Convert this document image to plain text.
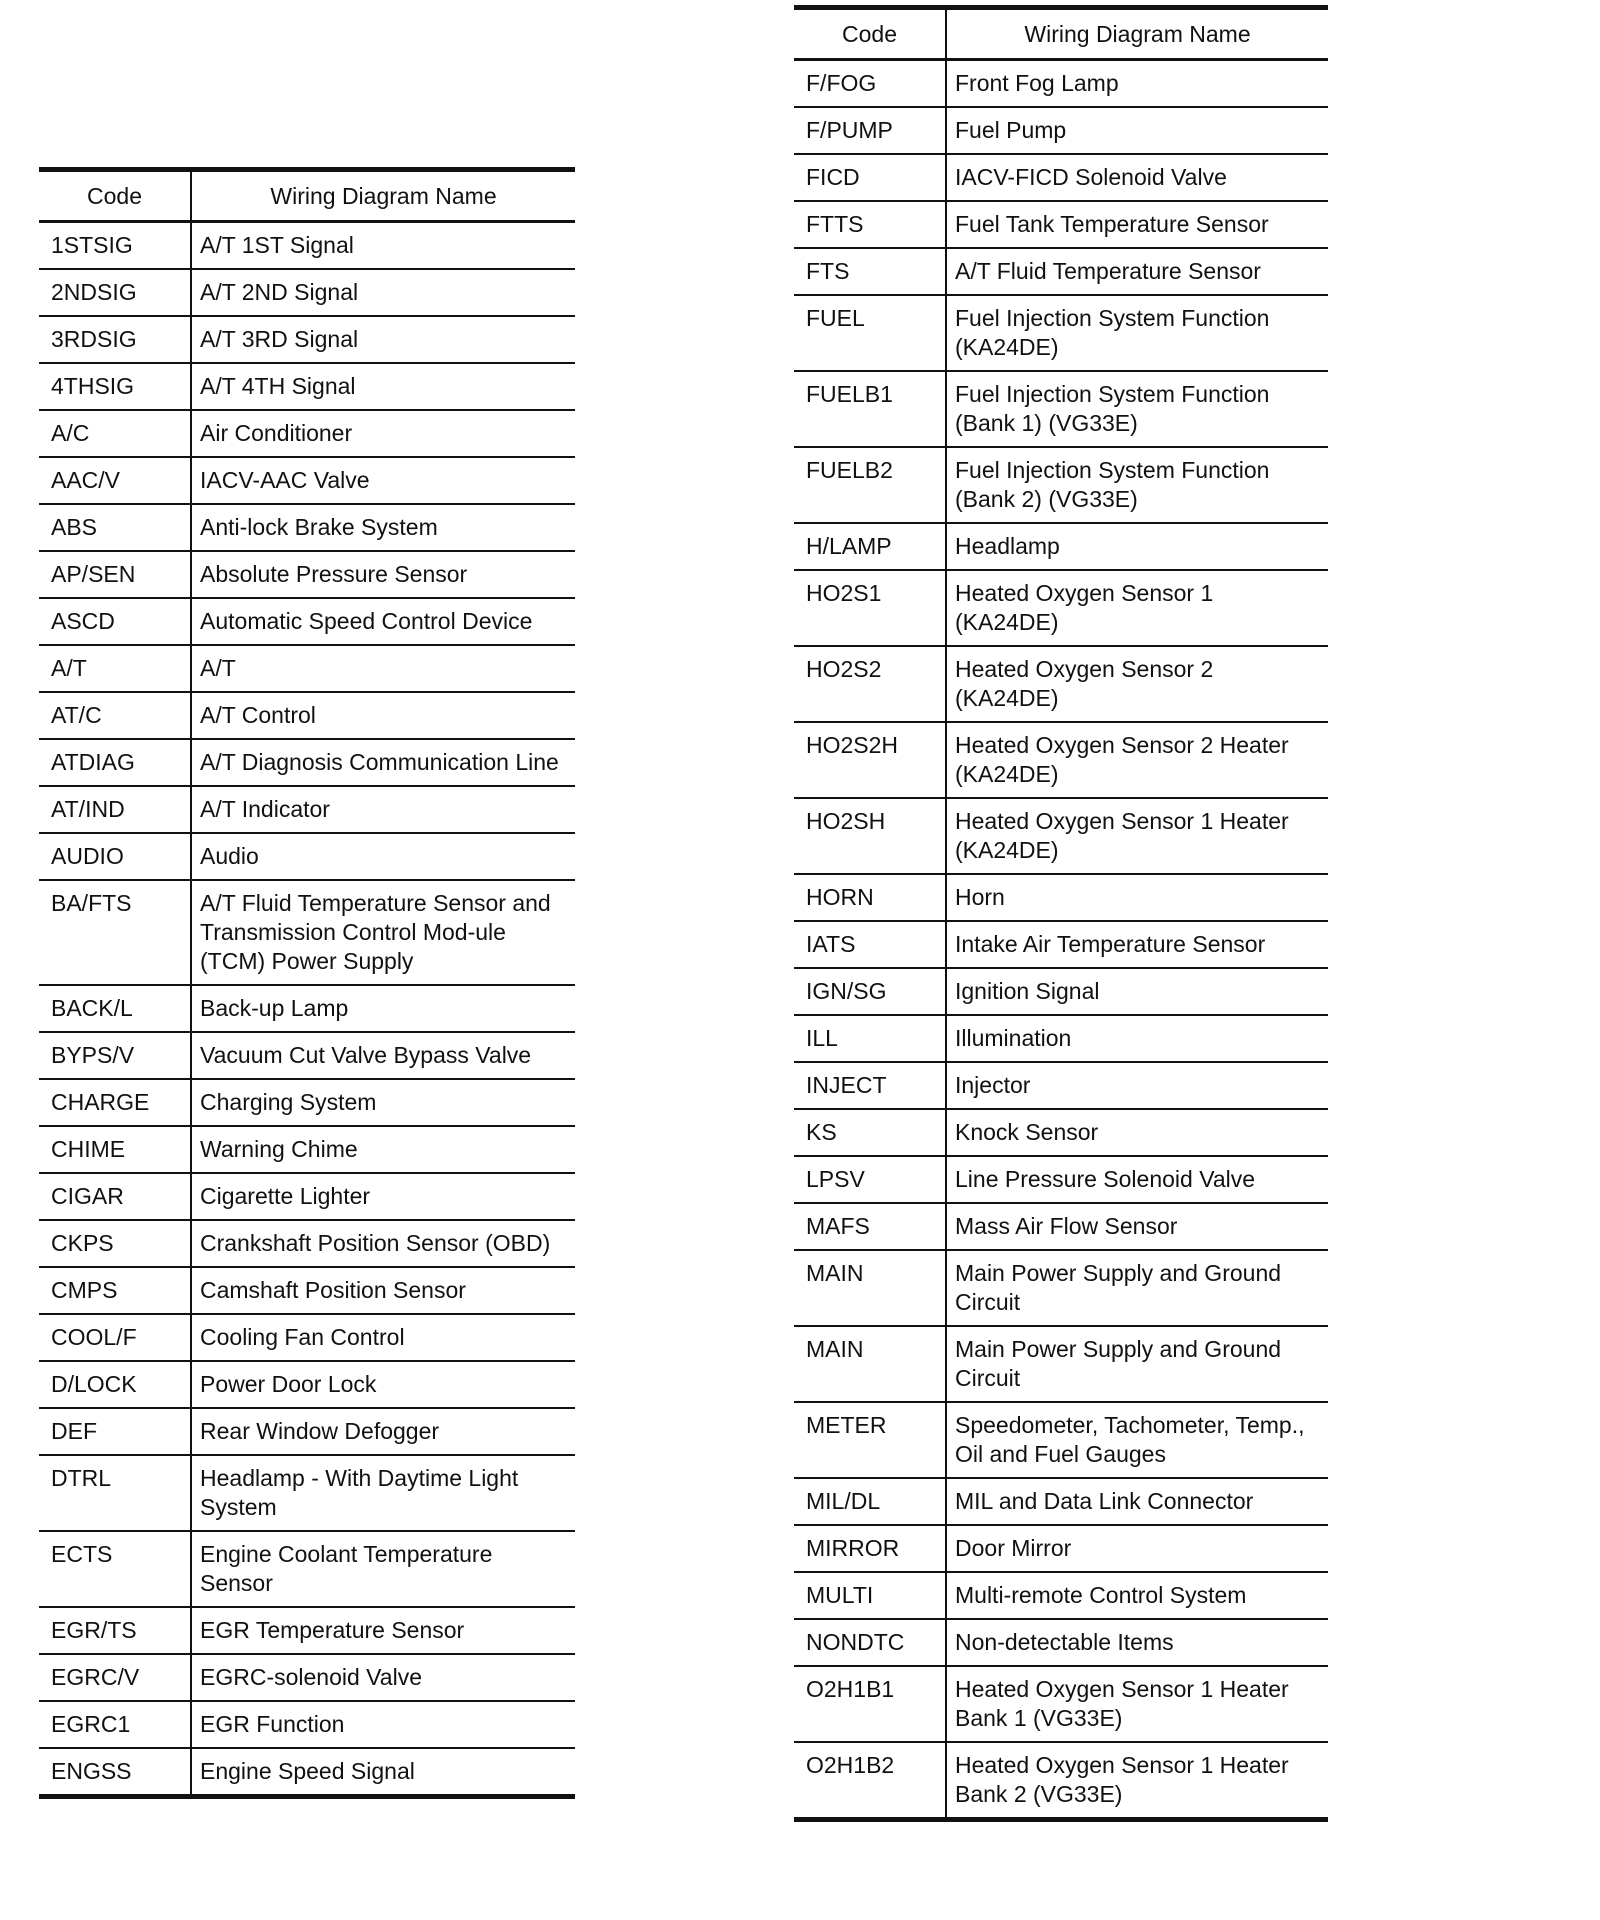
Code	Wiring Diagram Name
1STSIG	A/T 1ST Signal
2NDSIG	A/T 2ND Signal
3RDSIG	A/T 3RD Signal
4THSIG	A/T 4TH Signal
A/C	Air Conditioner
AAC/V	IACV-AAC Valve
ABS	Anti-lock Brake System
AP/SEN	Absolute Pressure Sensor
ASCD	Automatic Speed Control Device
A/T	A/T
AT/C	A/T Control
ATDIAG	A/T Diagnosis Communication Line
AT/IND	A/T Indicator
AUDIO	Audio
BA/FTS	A/T Fluid Temperature Sensor and Transmission Control Mod-ule (TCM) Power Supply
BACK/L	Back-up Lamp
BYPS/V	Vacuum Cut Valve Bypass Valve
CHARGE	Charging System
CHIME	Warning Chime
CIGAR	Cigarette Lighter
CKPS	Crankshaft Position Sensor (OBD)
CMPS	Camshaft Position Sensor
COOL/F	Cooling Fan Control
D/LOCK	Power Door Lock
DEF	Rear Window Defogger
DTRL	Headlamp - With Daytime Light System
ECTS	Engine Coolant Temperature Sensor
EGR/TS	EGR Temperature Sensor
EGRC/V	EGRC-solenoid Valve
EGRC1	EGR Function
ENGSS	Engine Speed Signal
Code	Wiring Diagram Name
F/FOG	Front Fog Lamp
F/PUMP	Fuel Pump
FICD	IACV-FICD Solenoid Valve
FTTS	Fuel Tank Temperature Sensor
FTS	A/T Fluid Temperature Sensor
FUEL	Fuel Injection System Function (KA24DE)
FUELB1	Fuel Injection System Function (Bank 1) (VG33E)
FUELB2	Fuel Injection System Function (Bank 2) (VG33E)
H/LAMP	Headlamp
HO2S1	Heated Oxygen Sensor 1 (KA24DE)
HO2S2	Heated Oxygen Sensor 2 (KA24DE)
HO2S2H	Heated Oxygen Sensor 2 Heater (KA24DE)
HO2SH	Heated Oxygen Sensor 1 Heater (KA24DE)
HORN	Horn
IATS	Intake Air Temperature Sensor
IGN/SG	Ignition Signal
ILL	Illumination
INJECT	Injector
KS	Knock Sensor
LPSV	Line Pressure Solenoid Valve
MAFS	Mass Air Flow Sensor
MAIN	Main Power Supply and Ground Circuit
MAIN	Main Power Supply and Ground Circuit
METER	Speedometer, Tachometer, Temp., Oil and Fuel Gauges
MIL/DL	MIL and Data Link Connector
MIRROR	Door Mirror
MULTI	Multi-remote Control System
NONDTC	Non-detectable Items
O2H1B1	Heated Oxygen Sensor 1 Heater Bank 1 (VG33E)
O2H1B2	Heated Oxygen Sensor 1 Heater Bank 2 (VG33E)
